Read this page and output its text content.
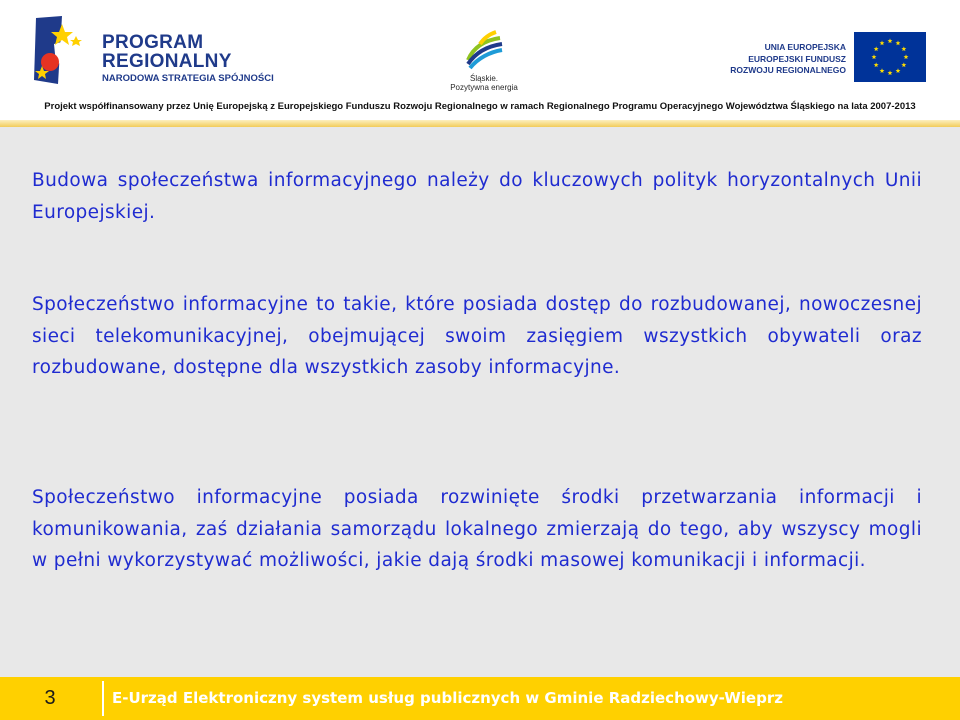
PROGRAM
REGIONALNY
NARODOWA STRATEGIA SPÓJNOŚCI	Śląskie.
Pozytywna energia
UNIA EUROPEJSKA
EUROPEJSKI FUNDUSZ
ROZWOJU REGIONALNEGO
Projekt współfinansowany przez Unię Europejską z Europejskiego Funduszu Rozwoju Regionalnego w ramach Regionalnego Programu Operacyjnego Województwa Śląskiego na lata 2007-2013

Budowa społeczeństwa informacyjnego należy do kluczowych polityk horyzontalnych Unii Europejskiej.

Społeczeństwo informacyjne to takie, które posiada dostęp do rozbudowanej, nowoczesnej sieci telekomunikacyjnej, obejmującej swoim zasięgiem wszystkich obywateli oraz rozbudowane, dostępne dla wszystkich zasoby informacyjne.

Społeczeństwo informacyjne posiada rozwinięte środki przetwarzania informacji i komunikowania, zaś działania samorządu lokalnego zmierzają do tego, aby wszyscy mogli w pełni wykorzystywać możliwości, jakie dają środki masowej komunikacji i informacji.

3	E-Urząd Elektroniczny system usług publicznych w Gminie Radziechowy-Wieprz
